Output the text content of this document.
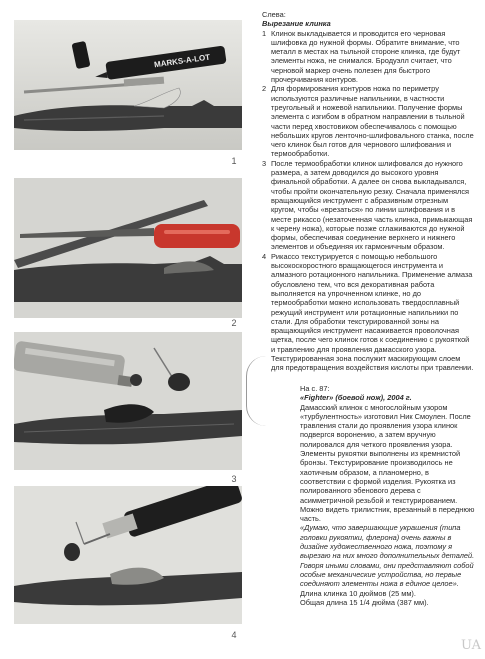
MARKS-A-LOT
1
2
3
4

Слева:

Вырезание клинка

1 Клинок выкладывается и проводится его черновая шлифовка до нужной формы. Обратите внимание, что металл в местах на тыльной стороне клинка, где будут элементы ножа, не снимался. Бродуэлл считает, что черновой маркер очень полезен для быстрого прочерчивания контуров.
2 Для формирования контуров ножа по периметру используются различные напильники, в частности треугольный и ножевой напильники. Получение формы элемента с изгибом в обратном направлении в тыльной части перед хвостовиком обеспечивалось с помощью небольших кругов ленточно-шлифовального станка, после чего клинок был готов для чернового шлифования и термообработки.
3 После термообработки клинок шлифовался до нужного размера, а затем доводился до высокого уровня финальной обработки. А далее он снова выкладывался, чтобы пройти окончательную резку. Сначала применялся вращающийся инструмент с абразивным отрезным кругом, чтобы «врезаться» по линии шлифования и в месте рикассо (незаточенная часть клинка, примыкающая к черену ножа), которые позже сглаживаются до нужной формы, обеспечивая соединение верхнего и нижнего элементов и объединяя их гармоничным образом.
4 Рикассо текстурируется с помощью небольшого высокоскоростного вращающегося инструмента и алмазного ротационного напильника. Применение алмаза обусловлено тем, что вся декоративная работа выполняется на упрочненном клинке, но до термообработки можно использовать твердосплавный режущий инструмент или ротационные напильники по стали. Для обработки текстурированной зоны на вращающийся инструмент насаживается проволочная щетка, после чего клинок готов к соединению с рукояткой и травлению для проявления дамасского узора. Текстурированная зона послужит маскирующим слоем для предотвращения воздействия кислоты при травлении.

На с. 87:

«Fighter» (боевой нож), 2004 г.

Дамасский клинок с многослойным узором «турбулентность» изготовил Ник Смоулен. После травления стали до проявления узора клинок подвергся воронению, а затем вручную полировался для четкого проявления узора. Элементы рукоятки выполнены из кремнистой бронзы. Текстурирование производилось не хаотичным образом, а планомерно, в соответствии с формой изделия. Рукоятка из полированного эбенового дерева с асимметричной резьбой и текстурированием. Можно видеть трилистник, врезанный в переднюю часть.

«Думаю, что завершающие украшения (типа головки рукоятки, флерона) очень важны в дизайне художественного ножа, поэтому я вырезаю на них много дополнительных деталей. Говоря иными словами, они представляют собой особые механические устройства, но первые соединяют элементы ножа в единое целое».

Длина клинка 10 дюймов (25 мм).

Общая длина 15 1/4 дюйма (387 мм).

UA
